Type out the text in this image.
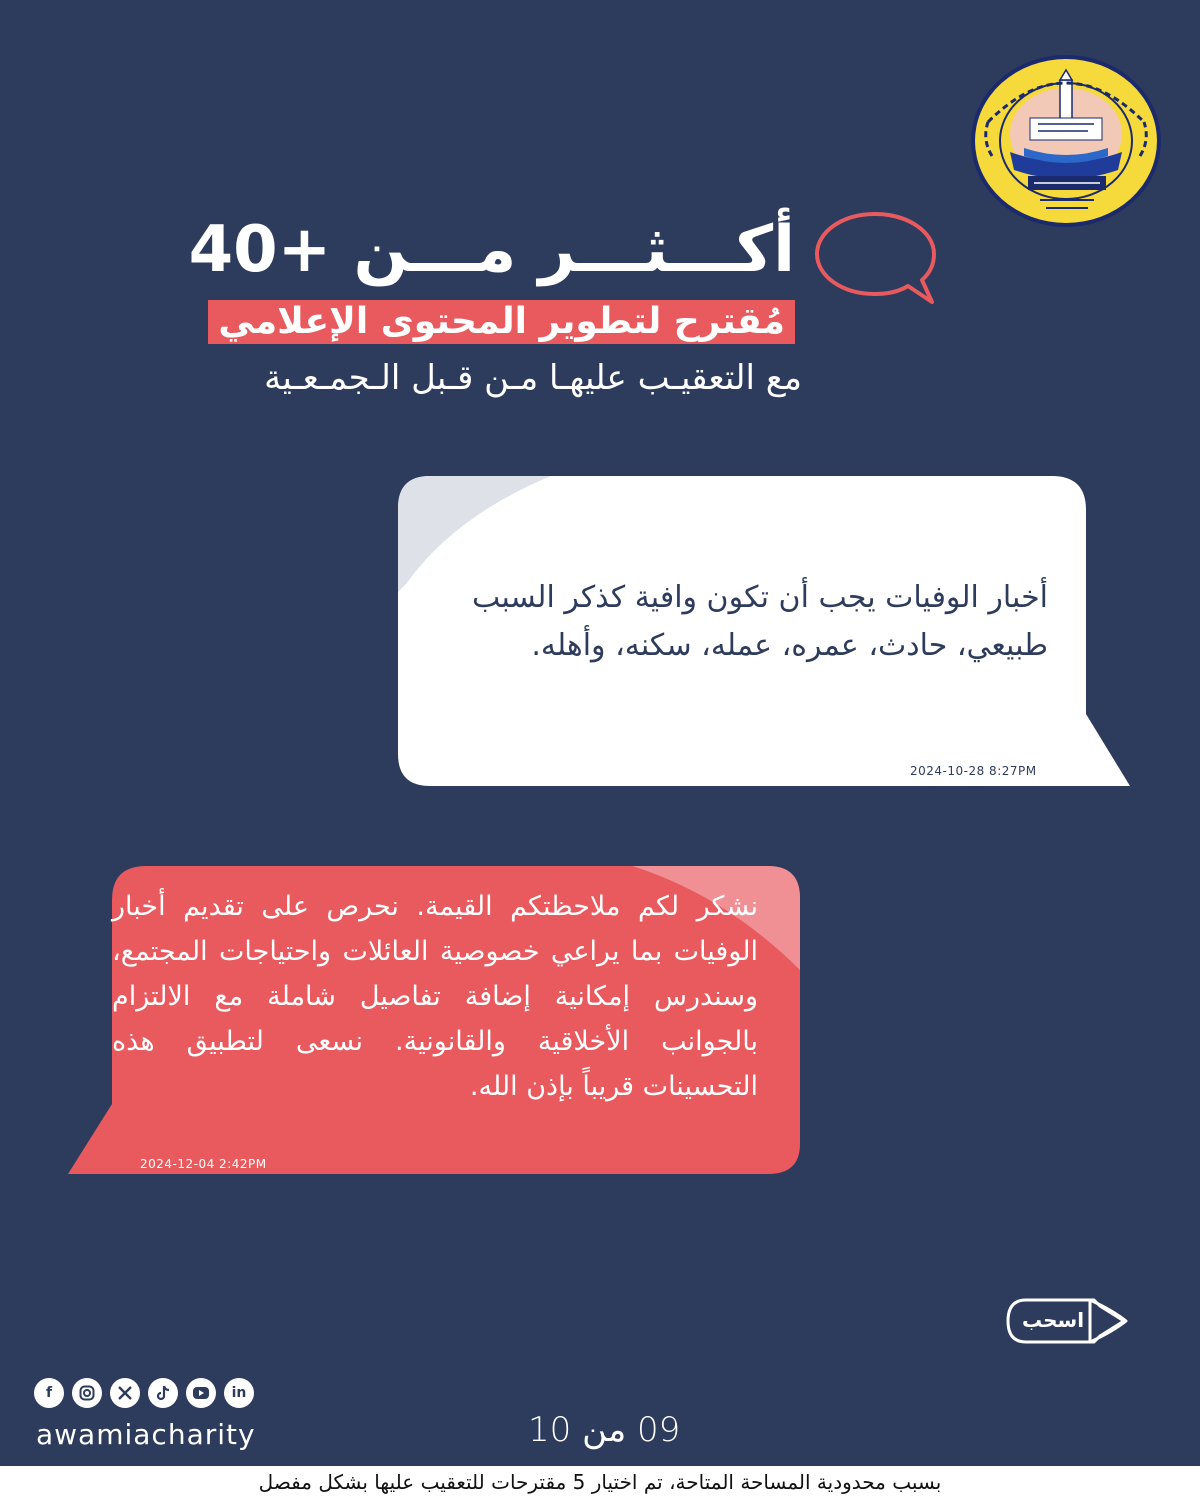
أكـــثـــر مـــن 40+
مُقترح لتطوير المحتوى الإعلامي
مع التعقيـب عليهـا مـن قـبل الـجمـعـية
أخبار الوفيات يجب أن تكون وافية كذكر السبب طبيعي، حادث، عمره، عمله، سكنه، وأهله.
2024-10-28 8:27PM
نشكر لكم ملاحظتكم القيمة. نحرص على تقديم أخبار الوفيات بما يراعي خصوصية العائلات واحتياجات المجتمع، وسندرس إمكانية إضافة تفاصيل شاملة مع الالتزام بالجوانب الأخلاقية والقانونية. نسعى لتطبيق هذه التحسينات قريباً بإذن الله.
2024-12-04 2:42PM
اسحب
f	in
awamiacharity	09 من 10
بسبب محدودية المساحة المتاحة، تم اختيار 5 مقترحات للتعقيب عليها بشكل مفصل
